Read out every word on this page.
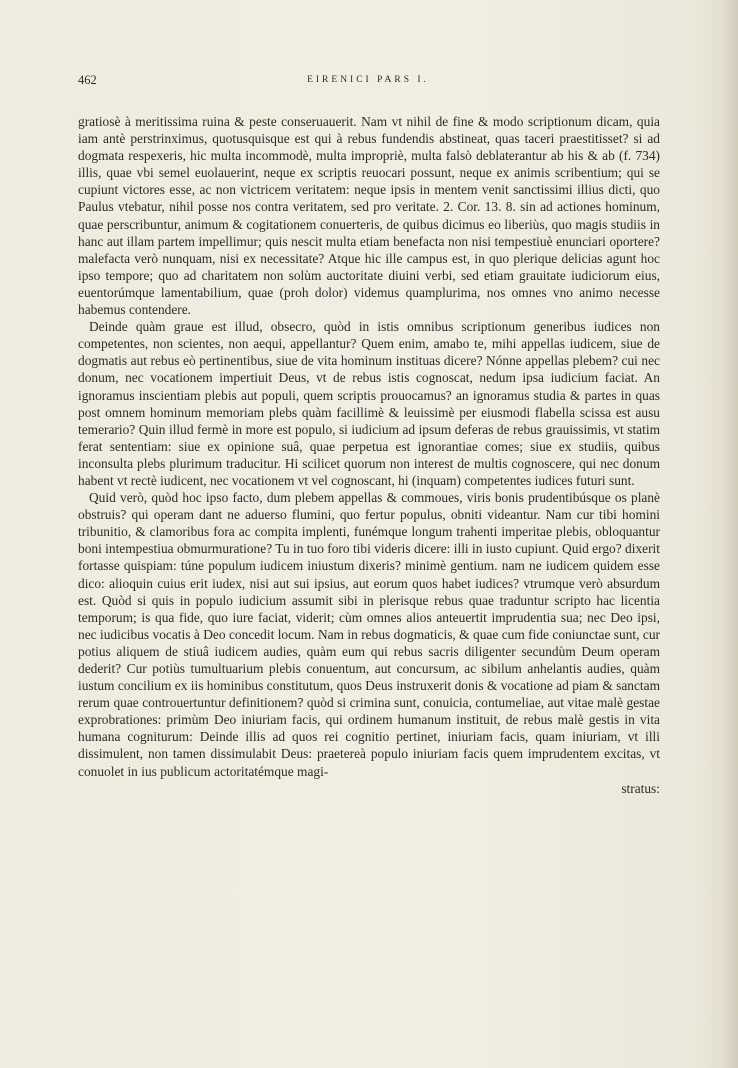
462	EIRENICI PARS I.

gratiosè à meritissima ruina & peste conseruauerit. Nam vt nihil de fine & modo scriptionum dicam, quia iam antè perstrinximus, quotusquisque est qui à rebus fundendis abstineat, quas taceri praestitisset? si ad dogmata respexeris, hic multa incommodè, multa impropriè, multa falsò deblaterantur ab his & ab (f. 734) illis, quae vbi semel euolauerint, neque ex scriptis reuocari possunt, neque ex animis scribentium; qui se cupiunt victores esse, ac non victricem veritatem: neque ipsis in mentem venit sanctissimi illius dicti, quo Paulus vtebatur, nihil posse nos contra veritatem, sed pro veritate. 2. Cor. 13. 8. sin ad actiones hominum, quae perscribuntur, animum & cogitationem conuerteris, de quibus dicimus eo liberiùs, quo magis studiis in hanc aut illam partem impellimur; quis nescit multa etiam benefacta non nisi tempestiuè enunciari oportere? malefacta verò nunquam, nisi ex necessitate? Atque hic ille campus est, in quo plerique delicias agunt hoc ipso tempore; quo ad charitatem non solùm auctoritate diuini verbi, sed etiam grauitate iudiciorum eius, euentorúmque lamentabilium, quae (proh dolor) videmus quamplurima, nos omnes vno animo necesse habemus contendere.

Deinde quàm graue est illud, obsecro, quòd in istis omnibus scriptionum generibus iudices non competentes, non scientes, non aequi, appellantur? Quem enim, amabo te, mihi appellas iudicem, siue de dogmatis aut rebus eò pertinentibus, siue de vita hominum instituas dicere? Nónne appellas plebem? cui nec donum, nec vocationem impertiuit Deus, vt de rebus istis cognoscat, nedum ipsa iudicium faciat. An ignoramus inscientiam plebis aut populi, quem scriptis prouocamus? an ignoramus studia & partes in quas post omnem hominum memoriam plebs quàm facillimè & leuissimè per eiusmodi flabella scissa est ausu temerario? Quin illud fermè in more est populo, si iudicium ad ipsum deferas de rebus grauissimis, vt statim ferat sententiam: siue ex opinione suâ, quae perpetua est ignorantiae comes; siue ex studiis, quibus inconsulta plebs plurimum traducitur. Hi scilicet quorum non interest de multis cognoscere, qui nec donum habent vt rectè iudicent, nec vocationem vt vel cognoscant, hi (inquam) competentes iudices futuri sunt.

Quid verò, quòd hoc ipso facto, dum plebem appellas & commoues, viris bonis prudentibúsque os planè obstruis? qui operam dant ne aduerso flumini, quo fertur populus, obniti videantur. Nam cur tibi homini tribunitio, & clamoribus fora ac compita implenti, funémque longum trahenti imperitae plebis, obloquantur boni intempestiua obmurmuratione? Tu in tuo foro tibi videris dicere: illi in iusto cupiunt. Quid ergo? dixerit fortasse quispiam: túne populum iudicem iniustum dixeris? minimè gentium. nam ne iudicem quidem esse dico: alioquin cuius erit iudex, nisi aut sui ipsius, aut eorum quos habet iudices? vtrumque verò absurdum est. Quòd si quis in populo iudicium assumit sibi in plerisque rebus quae traduntur scripto hac licentia temporum; is qua fide, quo iure faciat, viderit; cùm omnes alios anteuertit imprudentia sua; nec Deo ipsi, nec iudicibus vocatis à Deo concedit locum. Nam in rebus dogmaticis, & quae cum fide coniunctae sunt, cur potius aliquem de stiuâ iudicem audies, quàm eum qui rebus sacris diligenter secundùm Deum operam dederit? Cur potiùs tumultuarium plebis conuentum, aut concursum, ac sibilum anhelantis audies, quàm iustum concilium ex iis hominibus constitutum, quos Deus instruxerit donis & vocatione ad piam & sanctam rerum quae controuertuntur definitionem? quòd si crimina sunt, conuicia, contumeliae, aut vitae malè gestae exprobrationes: primùm Deo iniuriam facis, qui ordinem humanum instituit, de rebus malè gestis in vita humana cogniturum: Deinde illis ad quos rei cognitio pertinet, iniuriam facis, quam iniuriam, vt illi dissimulent, non tamen dissimulabit Deus: praetereà populo iniuriam facis quem imprudentem excitas, vt conuolet in ius publicum actoritatémque magi-

stratus:
